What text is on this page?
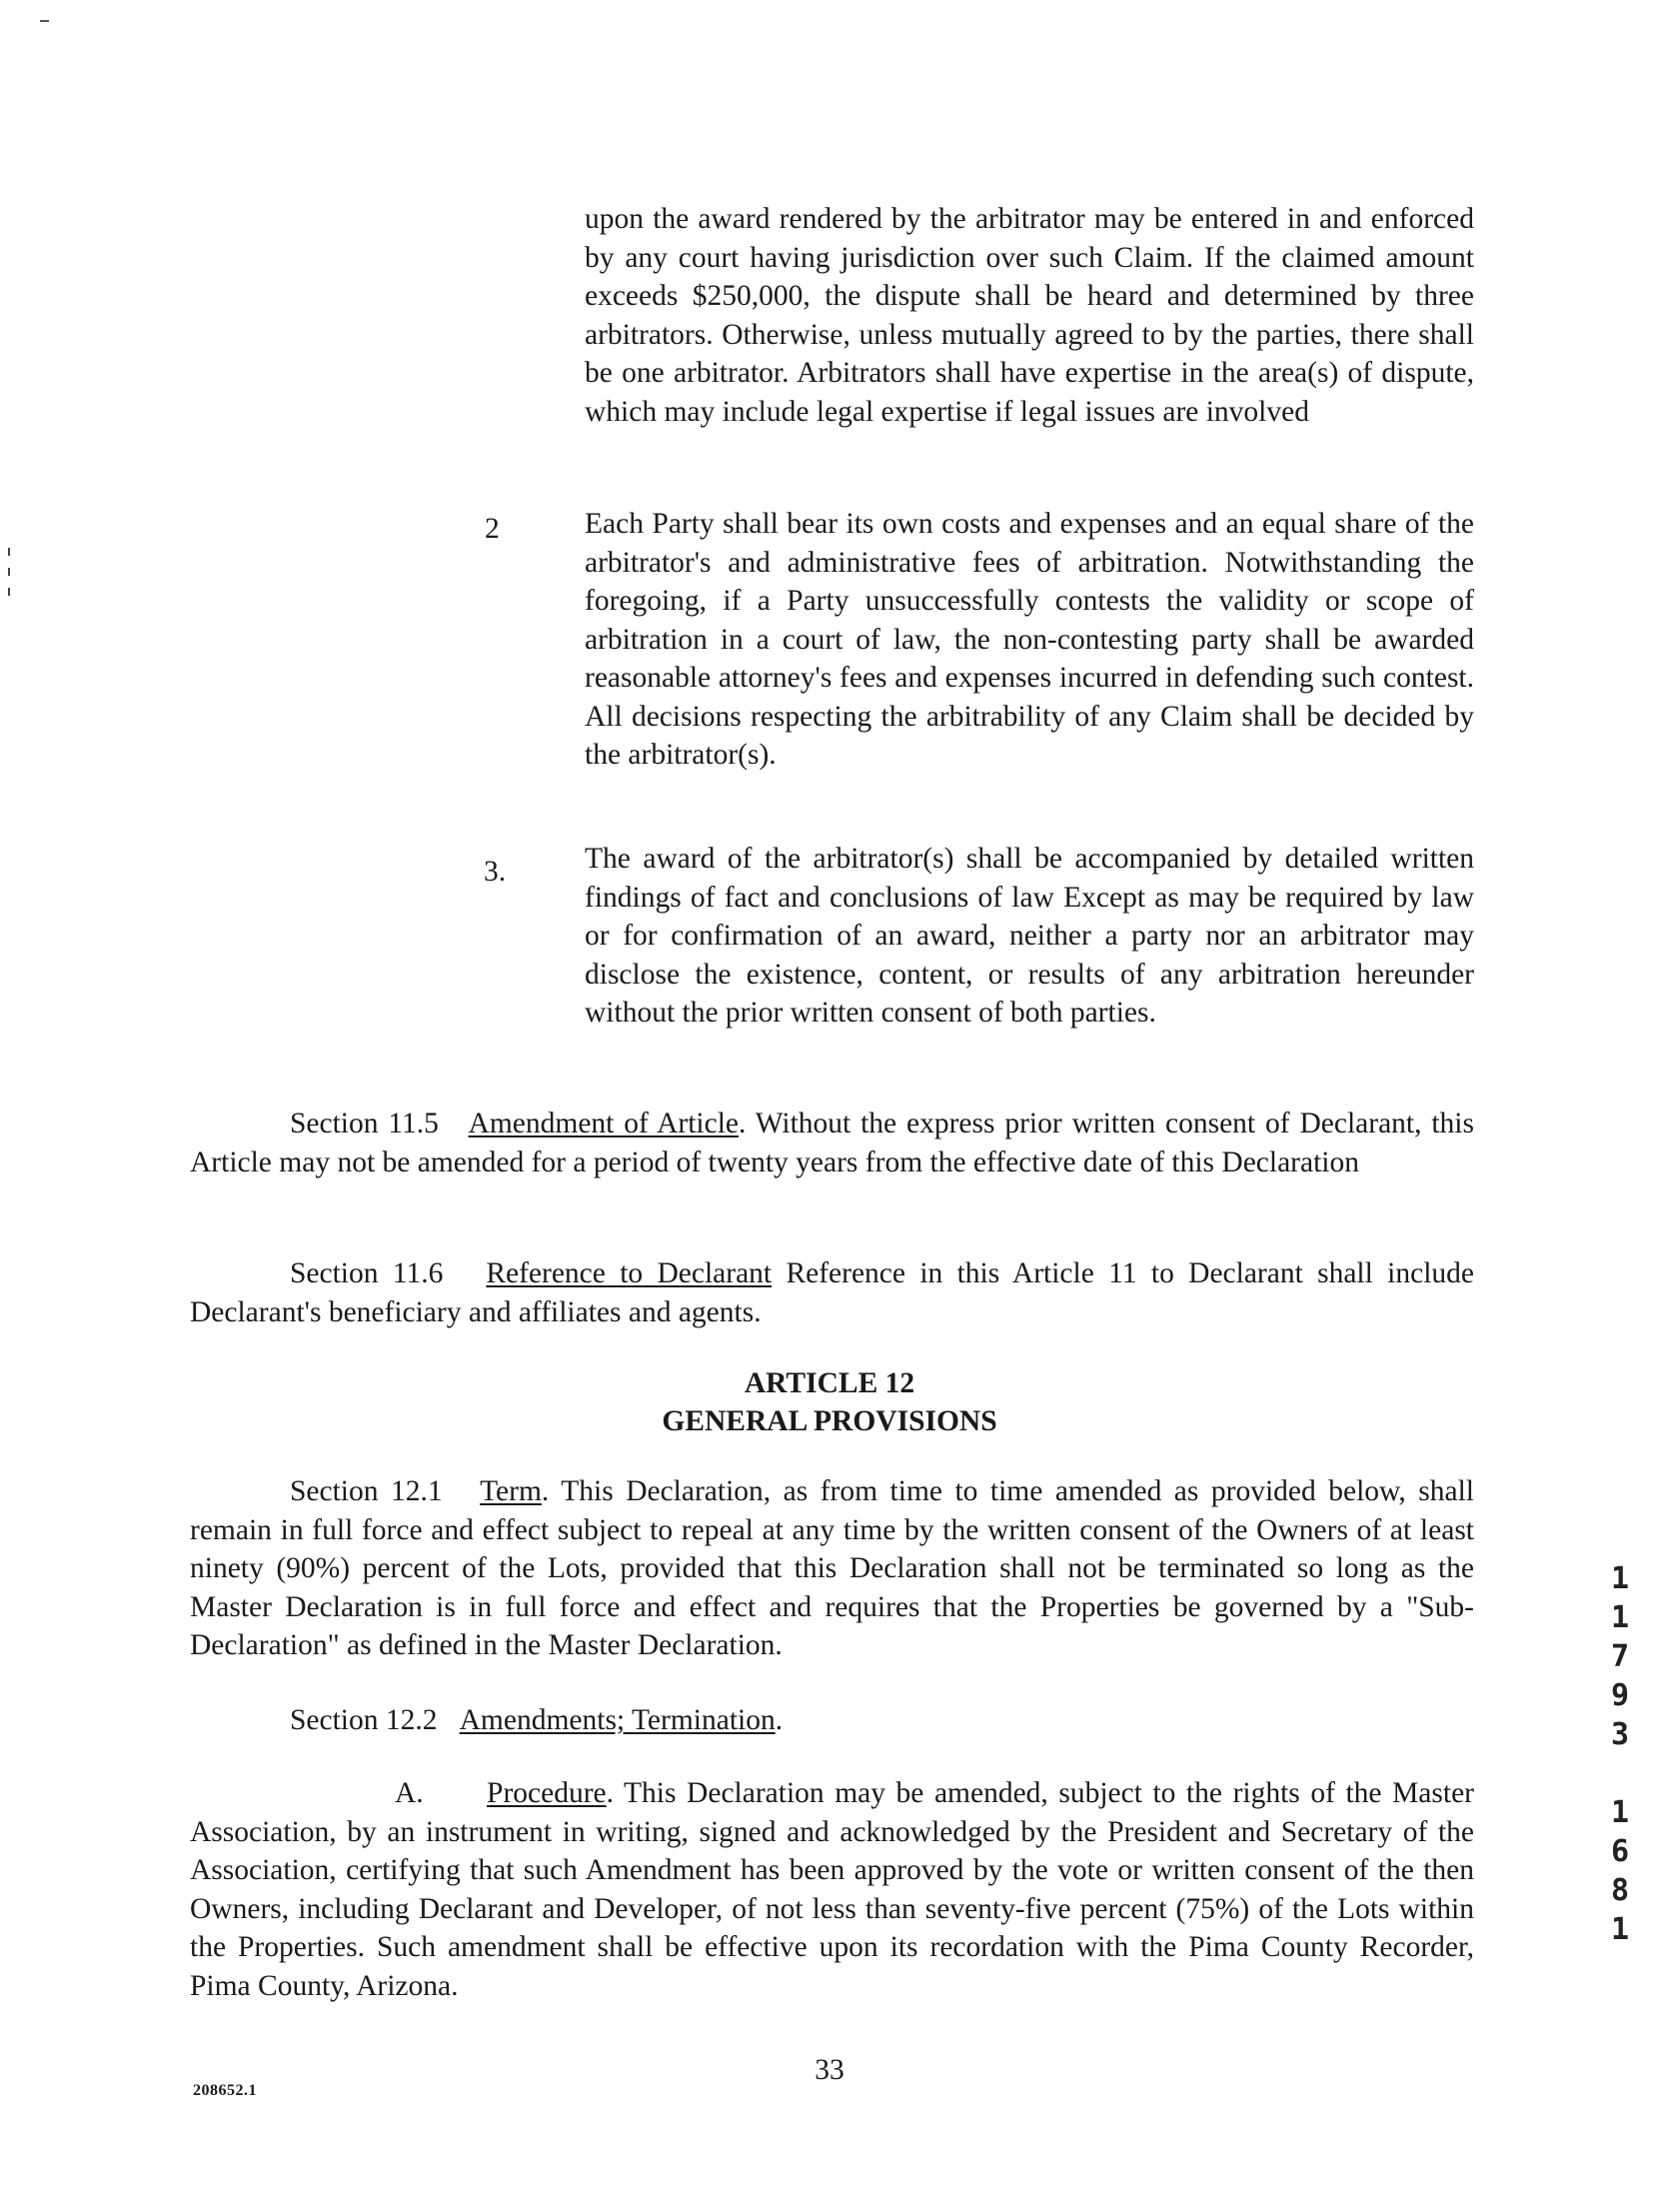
upon the award rendered by the arbitrator may be entered in and enforced by any court having jurisdiction over such Claim. If the claimed amount exceeds $250,000, the dispute shall be heard and determined by three arbitrators. Otherwise, unless mutually agreed to by the parties, there shall be one arbitrator. Arbitrators shall have expertise in the area(s) of dispute, which may include legal expertise if legal issues are involved

2	Each Party shall bear its own costs and expenses and an equal share of the arbitrator's and administrative fees of arbitration. Notwithstanding the foregoing, if a Party unsuccessfully contests the validity or scope of arbitration in a court of law, the non-contesting party shall be awarded reasonable attorney's fees and expenses incurred in defending such contest. All decisions respecting the arbitrability of any Claim shall be decided by the arbitrator(s).

3.	The award of the arbitrator(s) shall be accompanied by detailed written findings of fact and conclusions of law Except as may be required by law or for confirmation of an award, neither a party nor an arbitrator may disclose the existence, content, or results of any arbitration hereunder without the prior written consent of both parties.

Section 11.5 Amendment of Article. Without the express prior written consent of Declarant, this Article may not be amended for a period of twenty years from the effective date of this Declaration

Section 11.6 Reference to Declarant Reference in this Article 11 to Declarant shall include Declarant's beneficiary and affiliates and agents.

ARTICLE 12
GENERAL PROVISIONS

Section 12.1 Term. This Declaration, as from time to time amended as provided below, shall remain in full force and effect subject to repeal at any time by the written consent of the Owners of at least ninety (90%) percent of the Lots, provided that this Declaration shall not be terminated so long as the Master Declaration is in full force and effect and requires that the Properties be governed by a "Sub-Declaration" as defined in the Master Declaration.

Section 12.2 Amendments; Termination.

A. Procedure. This Declaration may be amended, subject to the rights of the Master Association, by an instrument in writing, signed and acknowledged by the President and Secretary of the Association, certifying that such Amendment has been approved by the vote or written consent of the then Owners, including Declarant and Developer, of not less than seventy-five percent (75%) of the Lots within the Properties. Such amendment shall be effective upon its recordation with the Pima County Recorder, Pima County, Arizona.

208652.1
33
1
1
7
9
3
1
6
8
1
